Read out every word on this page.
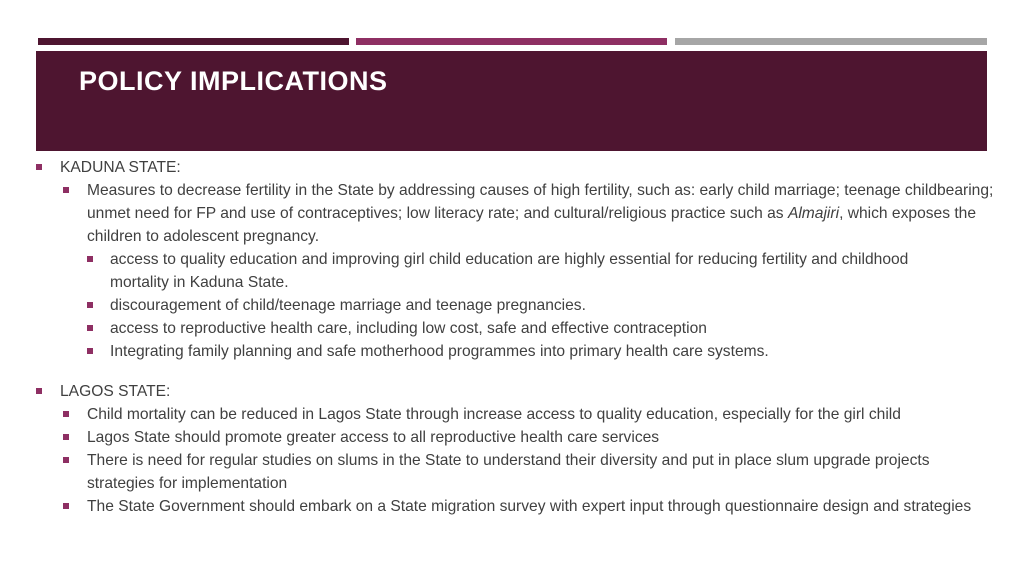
POLICY IMPLICATIONS
KADUNA STATE:
Measures to decrease fertility in the State by addressing causes of high fertility, such as: early child marriage; teenage childbearing; unmet need for FP and use of contraceptives; low literacy rate; and cultural/religious practice such as Almajiri, which exposes the children to adolescent pregnancy.
access to quality education and improving girl child education are highly essential for reducing fertility and childhood mortality in Kaduna State.
discouragement of child/teenage marriage and teenage pregnancies.
access to reproductive health care, including low cost, safe and effective contraception
Integrating family planning and safe motherhood programmes into primary health care systems.
LAGOS STATE:
Child mortality can be reduced in Lagos State through increase access to quality education, especially for the girl child
Lagos State should promote greater access to all reproductive health care services
There is need for regular studies on slums in the State to understand their diversity and put in place slum upgrade projects strategies for implementation
The State Government should embark on a State migration survey with expert input through questionnaire design and strategies
